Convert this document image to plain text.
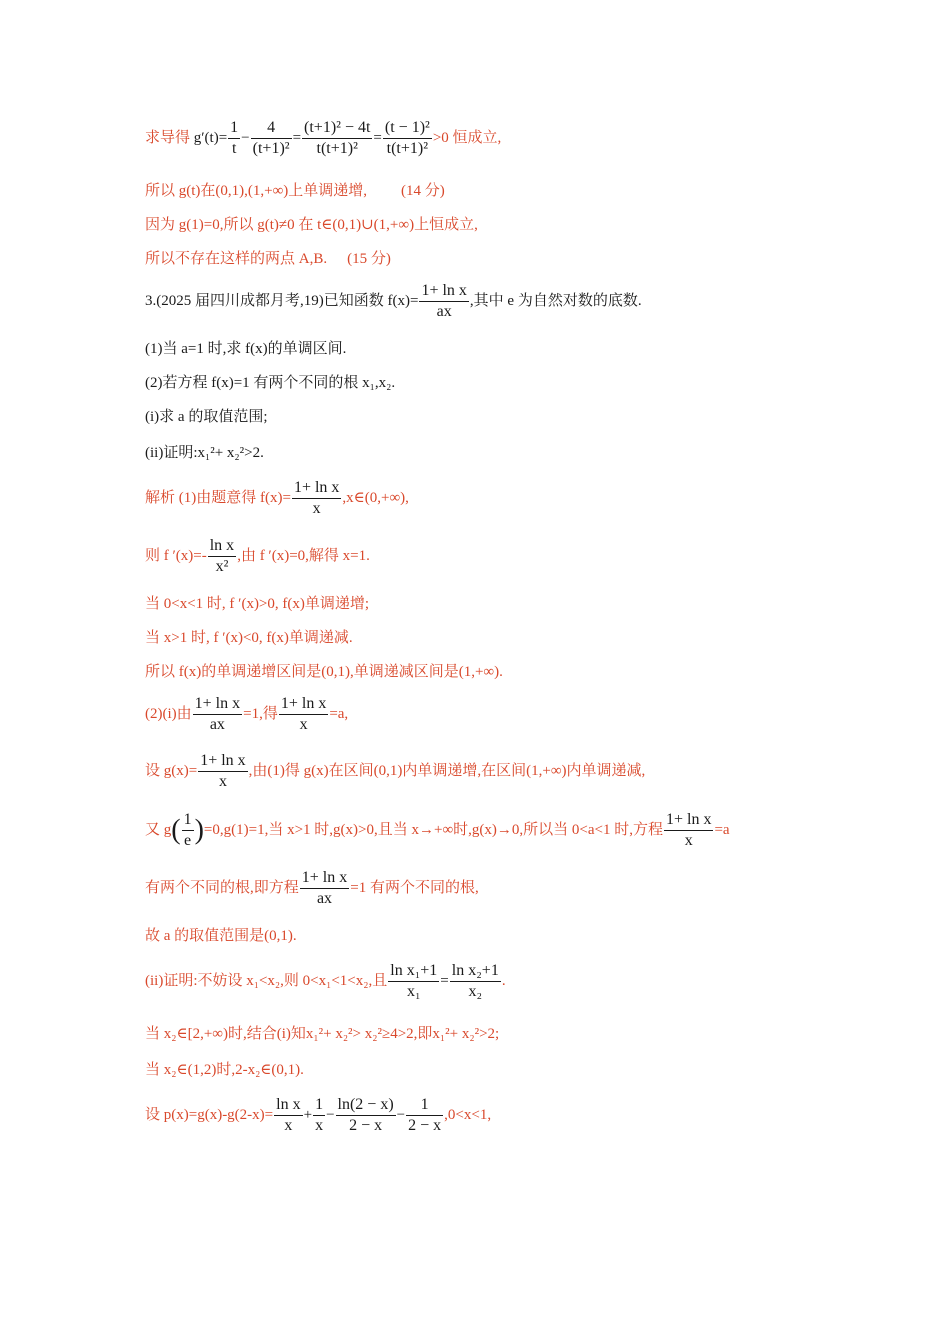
求导得 $g'(t)= \frac{1}{t} - \frac{4}{\text{(t+1)²}} = \frac{\text{(t+1)² − 4t}}{\text{t(t+1)²}} = \frac{\text{(t − 1)²}}{\text{t(t+1)²}} >0$ 恒成立,
所以 g(t)在(0,1),(1,+∞)上单调递增, (14 分)
因为 g(1)=0,所以 g(t)≠0 在 t∈(0,1)∪(1,+∞)上恒成立,
所以不存在这样的两点 A,B. (15 分)
3.(2025 届四川成都月考,19)已知函数 $f(x)= \frac{\text{1+ ln x}}{ax}$ ,其中 e 为自然对数的底数.
(1)当 a=1 时,求 f(x)的单调区间.
(2)若方程 f(x)=1 有两个不同的根 x₁,x₂.
(i)求 a 的取值范围;
(ii)证明:x₁²+ x₂²>2.
解析 (1)由题意得 $f(x)= \frac{\text{1+ ln x}}{x}$ ,x∈(0,+∞),
则 f $'(x)=- \frac{\text{ln x}}{\text{x²}}$ ,由 f ′(x)=0,解得 x=1.
当 0<x<1 时, f ′(x)>0, f(x)单调递增;
当 x>1 时, f ′(x)<0, f(x)单调递减.
所以 f(x)的单调递增区间是(0,1),单调递减区间是(1,+∞).
(2)(i)由 $\frac{\text{1+ ln x}}{ax} =1$,得 $\frac{\text{1+ ln x}}{x} =a$,
设 $g(x)= \frac{\text{1+ ln x}}{x}$ ,由(1)得 g(x)在区间(0,1)内单调递增,在区间(1,+∞)内单调递减,
又 $g( \frac{1}{e} )=0,g(1)=1$,当 x>1 时,g(x)>0,且当 x→+∞时,g(x)→0,所以当 0<a<1 时,方程 $\frac{\text{1+ ln x}}{x} =a$
有两个不同的根,即方程 $\frac{\text{1+ ln x}}{ax} =1$ 有两个不同的根,
故 a 的取值范围是(0,1).
(ii)证明:不妨设 x₁<x₂,则 0<x₁<1<x₂,且 $\frac{\text{ln x₁+1}}{\text{x₁}} = \frac{\text{ln x₂+1}}{\text{x₂}}$ .
当 x₂∈[2,+∞)时,结合(i)知x₁²+ x₂²> x₂²≥4>2,即x₁²+ x₂²>2;
当 x₂∈(1,2)时,2-x₂∈(0,1).
设 $p(x)=g(x)-g(2-x)= \frac{\text{ln x}}{x} + \frac{1}{x} - \frac{\ln(2 - x)}{2 - x} - \frac{1}{2 - x} ,0<x<1$,
